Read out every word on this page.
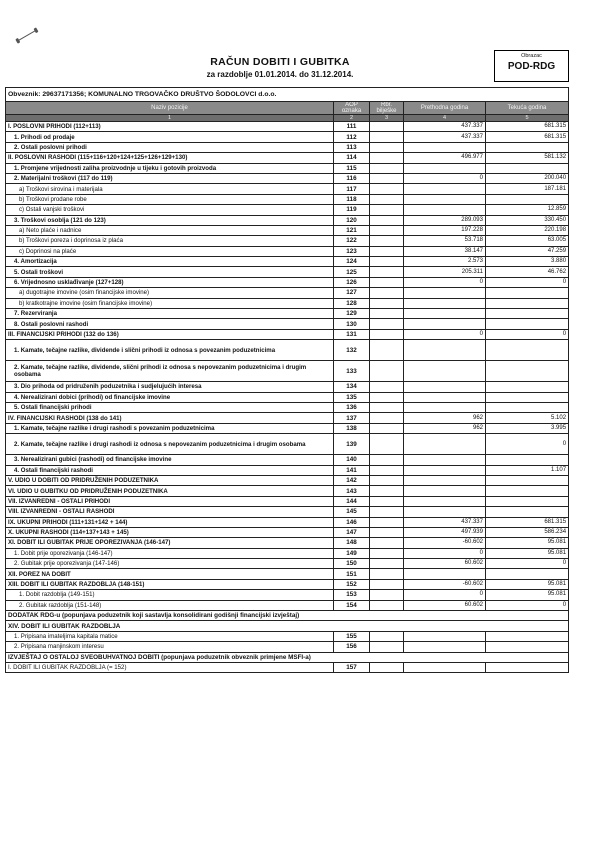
RAČUN DOBITI I GUBITKA
za razdoblje 01.01.2014. do 31.12.2014.
Obrazac
POD-RDG
Obveznik: 29637171356; KOMUNALNO TRGOVAČKO DRUŠTVO ŠODOLOVCI d.o.o.				
Naziv pozicije	AOP oznaka	Rbr. bilješke	Prethodna godina	Tekuća godina
1	2	3	4	5
I. POSLOVNI PRIHODI (112+113)	111		437.337	681.315
1. Prihodi od prodaje	112		437.337	681.315
2. Ostali poslovni prihodi	113			
II. POSLOVNI RASHODI (115+116+120+124+125+126+129+130)	114		496.977	581.132
1. Promjene vrijednosti zaliha proizvodnje u tijeku i gotovih proizvoda	115			
2. Materijalni troškovi (117 do 119)	116		0	200.040
a) Troškovi sirovina i materijala	117			187.181
b) Troškovi prodane robe	118			
c) Ostali vanjski troškovi	119			12.859
3. Troškovi osoblja (121 do 123)	120		289.093	330.450
a) Neto plaće i nadnice	121		197.228	220.198
b) Troškovi poreza i doprinosa iz plaća	122		53.718	63.005
c) Doprinosi na plaće	123		38.147	47.259
4. Amortizacija	124		2.573	3.880
5. Ostali troškovi	125		205.311	46.762
6. Vrijednosno usklađivanje (127+128)	126		0	0
a) dugotrajne imovine (osim financijske imovine)	127			
b) kratkotrajne imovine (osim financijske imovine)	128			
7. Rezerviranja	129			
8. Ostali poslovni rashodi	130			
III. FINANCIJSKI PRIHODI (132 do 136)	131		0	0
1. Kamate, tečajne razlike, dividende i slični prihodi iz odnosa s povezanim poduzetnicima	132			
2. Kamate, tečajne razlike, dividende, slični prihodi iz odnosa s nepovezanim poduzetnicima i drugim osobama	133			
3. Dio prihoda od pridruženih poduzetnika i sudjelujućih interesa	134			
4. Nerealizirani dobici (prihodi) od financijske imovine	135			
5. Ostali financijski prihodi	136			
IV. FINANCIJSKI RASHODI (138 do 141)	137		962	5.102
1. Kamate, tečajne razlike i drugi rashodi s povezanim poduzetnicima	138		962	3.995
2. Kamate, tečajne razlike i drugi rashodi iz odnosa s nepovezanim poduzetnicima i drugim osobama	139			0
3. Nerealizirani gubici (rashodi) od financijske imovine	140			
4. Ostali financijski rashodi	141			1.107
V. UDIO U DOBITI OD PRIDRUŽENIH PODUZETNIKA	142			
VI. UDIO U GUBITKU OD PRIDRUŽENIH PODUZETNIKA	143			
VII. IZVANREDNI - OSTALI PRIHODI	144			
VIII. IZVANREDNI - OSTALI RASHODI	145			
IX. UKUPNI PRIHODI (111+131+142 + 144)	146		437.337	681.315
X. UKUPNI RASHODI (114+137+143 + 145)	147		497.939	586.234
XI. DOBIT ILI GUBITAK PRIJE OPOREZIVANJA (146-147)	148		-60.602	95.081
1. Dobit prije oporezivanja (146-147)	149		0	95.081
2. Gubitak prije oporezivanja (147-146)	150		60.602	0
XII. POREZ NA DOBIT	151			
XIII. DOBIT ILI GUBITAK RAZDOBLJA (148-151)	152		-60.602	95.081
1. Dobit razdoblja (149-151)	153		0	95.081
2. Gubitak razdoblja (151-148)	154		60.602	0
DODATAK RDG-u (popunjava poduzetnik koji sastavlja konsolidirani godišnji financijski izvještaj)				
XIV. DOBIT ILI GUBITAK RAZDOBLJA				
1. Pripisana imateljima kapitala matice	155			
2. Pripisana manjinskom interesu	156			
IZVJEŠTAJ O OSTALOJ SVEOBUHVATNOJ DOBITI (popunjava poduzetnik obveznik primjene MSFI-a)				
I. DOBIT ILI GUBITAK RAZDOBLJA (= 152)	157			
